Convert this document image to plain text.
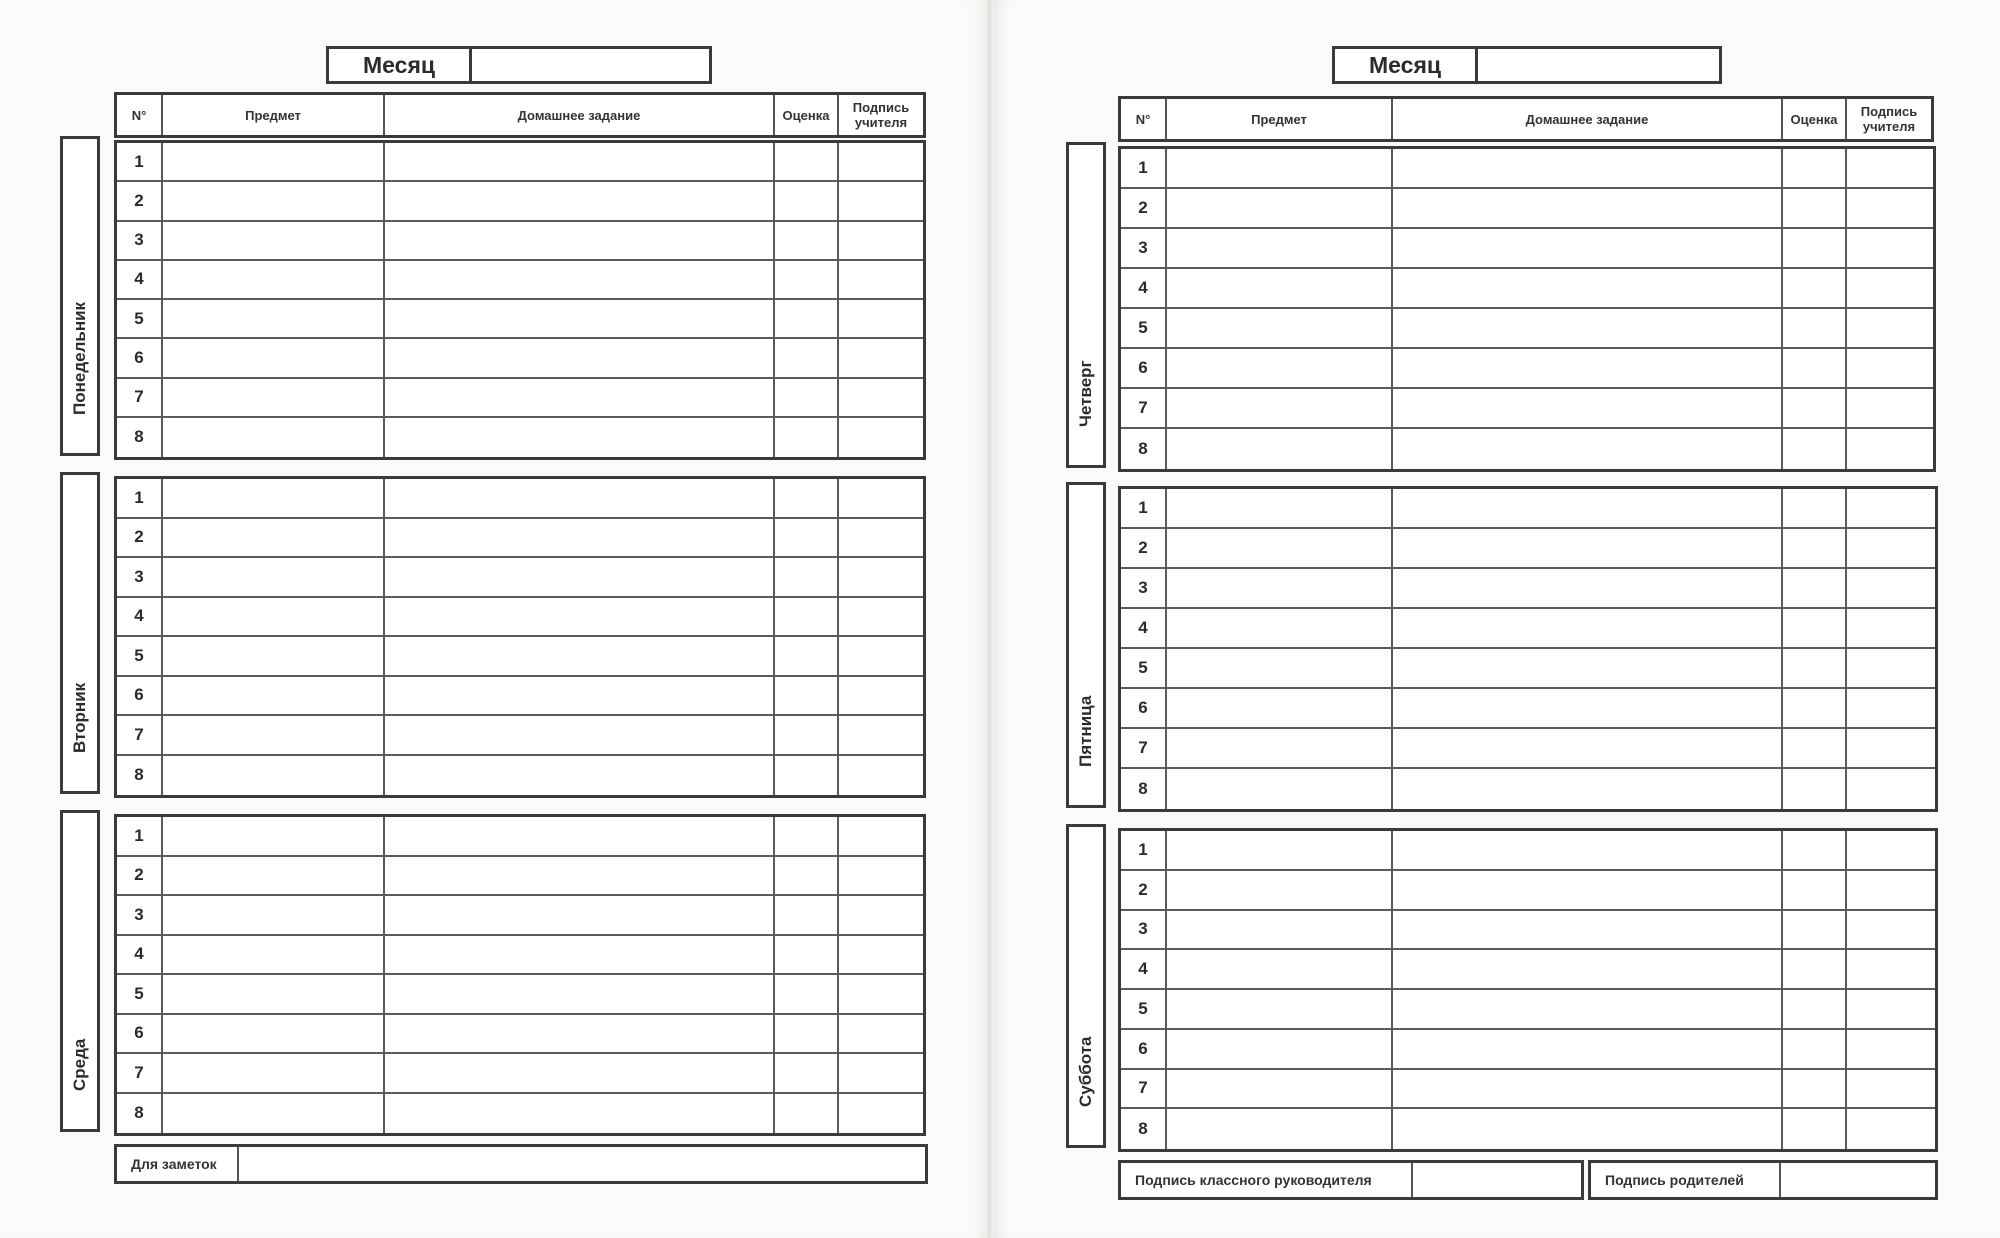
Месяц
N°	Предмет	Домашнее задание	Оценка	Подпись
учителя
Понедельник
1
2
3
4
5
6
7
8
Вторник
1
2
3
4
5
6
7
8
Среда
1
2
3
4
5
6
7
8
Для заметок
Месяц
N°	Предмет	Домашнее задание	Оценка	Подпись
учителя
Четверг
1
2
3
4
5
6
7
8
Пятница
1
2
3
4
5
6
7
8
Суббота
1
2
3
4
5
6
7
8
Подпись классного руководителя	Подпись родителей
